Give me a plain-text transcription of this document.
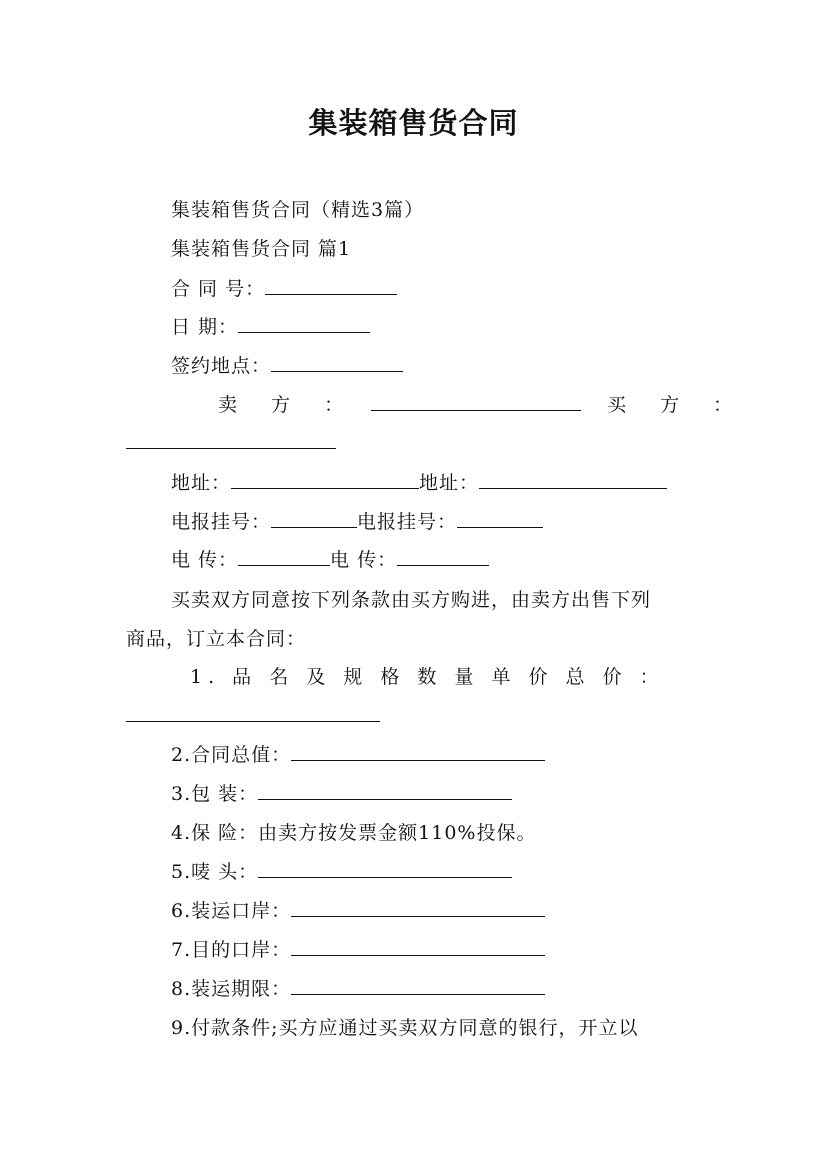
集装箱售货合同
集装箱售货合同（精选3篇）
集装箱售货合同 篇1
合 同 号：
日 期：
签约地点：
卖 方 ：	买 方 ：
地址：	地址：
电报挂号：	电报挂号：
电 传：	电 传：
买卖双方同意按下列条款由买方购进，由卖方出售下列
商品，订立本合同：
1. 品 名 及 规 格 数 量 单 价 总 价 ：
2.合同总值：
3.包 装：
4.保 险：由卖方按发票金额110%投保。
5.唛 头：
6.装运口岸：
7.目的口岸：
8.装运期限：
9.付款条件;买方应通过买卖双方同意的银行，开立以
